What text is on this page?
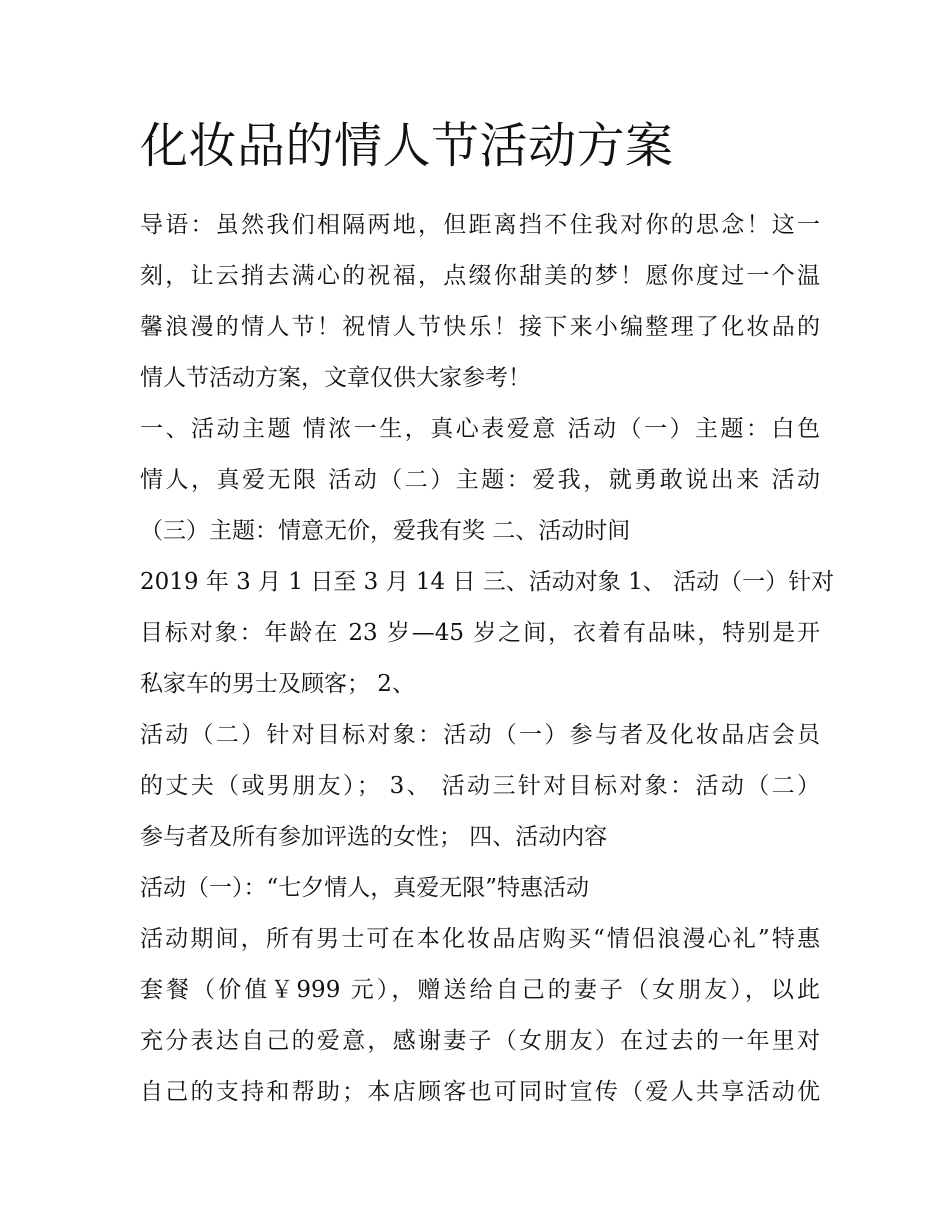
化妆品的情人节活动方案
导语：虽然我们相隔两地，但距离挡不住我对你的思念！这一
刻，让云捎去满心的祝福，点缀你甜美的梦！愿你度过一个温
馨浪漫的情人节！祝情人节快乐！接下来小编整理了化妆品的
情人节活动方案，文章仅供大家参考！
一、活动主题 情浓一生，真心表爱意 活动（一）主题：白色
情人，真爱无限 活动（二）主题：爱我，就勇敢说出来 活动
（三）主题：情意无价，爱我有奖 二、活动时间
2019 年 3 月 1 日至 3 月 14 日 三、活动对象 1、 活动（一）针对
目标对象：年龄在 23 岁—45 岁之间，衣着有品味，特别是开
私家车的男士及顾客； 2、
活动（二）针对目标对象：活动（一）参与者及化妆品店会员
的丈夫（或男朋友）； 3、 活动三针对目标对象：活动（二）
参与者及所有参加评选的女性； 四、活动内容
活动（一）：“七夕情人，真爱无限”特惠活动
活动期间，所有男士可在本化妆品店购买“情侣浪漫心礼”特惠
套餐（价值￥999 元），赠送给自己的妻子（女朋友），以此
充分表达自己的爱意，感谢妻子（女朋友）在过去的一年里对
自己的支持和帮助；本店顾客也可同时宣传（爱人共享活动优
